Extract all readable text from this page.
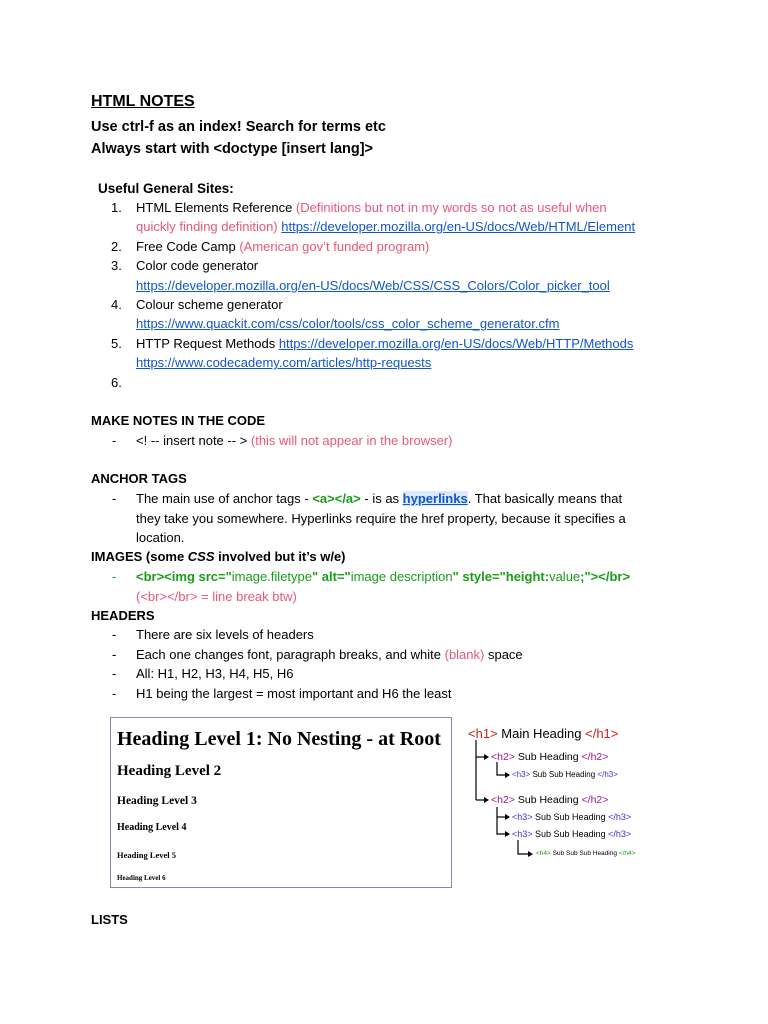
HTML NOTES
Use ctrl-f as an index! Search for terms etc
Always start with <doctype [insert lang]>
Useful General Sites:
1. HTML Elements Reference (Definitions but not in my words so not as useful when
quickly finding definition) https://developer.mozilla.org/en-US/docs/Web/HTML/Element
2. Free Code Camp (American gov’t funded program)
3. Color code generator
https://developer.mozilla.org/en-US/docs/Web/CSS/CSS_Colors/Color_picker_tool
4. Colour scheme generator
https://www.quackit.com/css/color/tools/css_color_scheme_generator.cfm
5. HTTP Request Methods https://developer.mozilla.org/en-US/docs/Web/HTTP/Methods
https://www.codecademy.com/articles/http-requests
6.
MAKE NOTES IN THE CODE
- <! -- insert note -- > (this will not appear in the browser)
ANCHOR TAGS
- The main use of anchor tags - <a></a> - is as hyperlinks. That basically means that
they take you somewhere. Hyperlinks require the href property, because it specifies a
location.
IMAGES (some CSS involved but it’s w/e)
- <br><img src="image.filetype" alt="image description" style="height:value;"></br>
(<br></br> = line break btw)
HEADERS
- There are six levels of headers
- Each one changes font, paragraph breaks, and white (blank) space
- All: H1, H2, H3, H4, H5, H6
- H1 being the largest = most important and H6 the least
Heading Level 1: No Nesting - at Root
Heading Level 2
Heading Level 3
Heading Level 4
Heading Level 5
Heading Level 6
<h1> Main Heading </h1>
<h2> Sub Heading </h2>
<h3> Sub Sub Heading </h3>
<h2> Sub Heading </h2>
<h3> Sub Sub Heading </h3>
<h3> Sub Sub Heading </h3>
<h4> Sub Sub Sub Heading </h4>
LISTS
